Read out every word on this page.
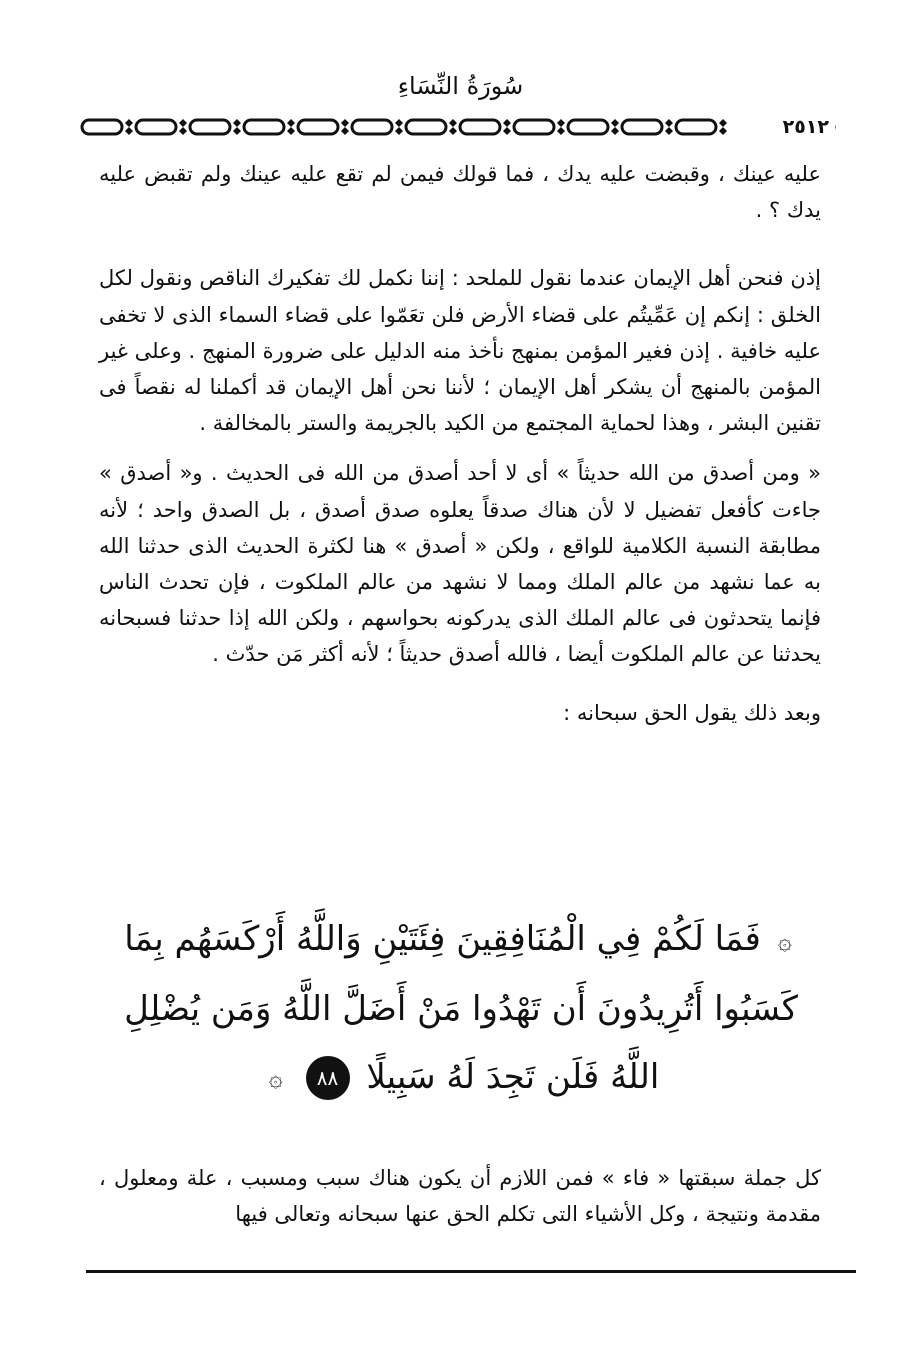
سُورَةُ النِّسَاءِ
٢٥١٢

عليه عينك ، وقبضت عليه يدك ، فما قولك فيمن لم تقع عليه عينك ولم تقبض عليه يدك ؟ .

إذن فنحن أهل الإيمان عندما نقول للملحد : إننا نكمل لك تفكيرك الناقص ونقول لكل الخلق : إنكم إن عَمِّيتُم على قضاء الأرض فلن تعَمّوا على قضاء السماء الذى لا تخفى عليه خافية . إذن فغير المؤمن بمنهج نأخذ منه الدليل على ضرورة المنهج . وعلى غير المؤمن بالمنهج أن يشكر أهل الإيمان ؛ لأننا نحن أهل الإيمان قد أكملنا له نقصاً فى تقنين البشر ، وهذا لحماية المجتمع من الكيد بالجريمة والستر بالمخالفة .

« ومن أصدق من الله حديثاً » أى لا أحد أصدق من الله فى الحديث . و« أصدق » جاءت كأفعل تفضيل لا لأن هناك صدقاً يعلوه صدق أصدق ، بل الصدق واحد ؛ لأنه مطابقة النسبة الكلامية للواقع ، ولكن « أصدق » هنا لكثرة الحديث الذى حدثنا الله به عما نشهد من عالم الملك ومما لا نشهد من عالم الملكوت ، فإن تحدث الناس فإنما يتحدثون فى عالم الملك الذى يدركونه بحواسهم ، ولكن الله إذا حدثنا فسبحانه يحدثنا عن عالم الملكوت أيضا ، فالله أصدق حديثاً ؛ لأنه أكثر مَن حدّث .

وبعد ذلك يقول الحق سبحانه :

۞ فَمَا لَكُمْ فِي الْمُنَافِقِينَ فِئَتَيْنِ وَاللَّهُ أَرْكَسَهُم بِمَا
كَسَبُوا أَتُرِيدُونَ أَن تَهْدُوا مَنْ أَضَلَّ اللَّهُ وَمَن يُضْلِلِ
اللَّهُ فَلَن تَجِدَ لَهُ سَبِيلًا ٨٨ ۞

كل جملة سبقتها « فاء » فمن اللازم أن يكون هناك سبب ومسبب ، علة ومعلول ، مقدمة ونتيجة ، وكل الأشياء التى تكلم الحق عنها سبحانه وتعالى فيها
